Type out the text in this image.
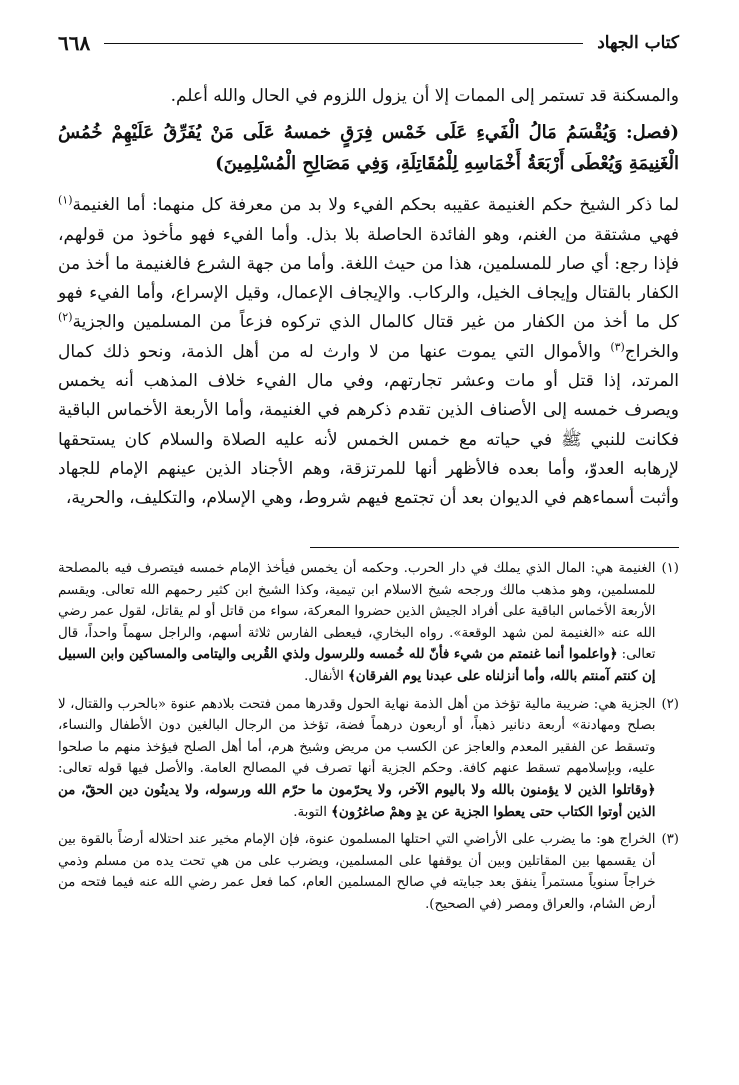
كتاب الجهاد
٦٦٨

والمسكنة قد تستمر إلى الممات إلا أن يزول اللزوم في الحال والله أعلم.

(فصل: وَيُقْسَمُ مَالُ الْفَيءِ عَلَى خَمْس فِرَقٍ خمسهُ عَلَى مَنْ يُفَرِّقُ عَلَيْهِمْ خُمُسُ الْغَنِيمَةِ وَيُعْطَى أَرْبَعَةُ أَخْمَاسِهِ لِلْمُقَاتِلَةِ، وَفِي مَصَالِحِ الْمُسْلِمِينَ)

لما ذكر الشيخ حكم الغنيمة عقيبه بحكم الفيء ولا بد من معرفة كل منهما: أما الغنيمة$^{(١)}$ فهي مشتقة من الغنم، وهو الفائدة الحاصلة بلا بذل. وأما الفيء فهو مأخوذ من قولهم، فإذا رجع: أي صار للمسلمين، هذا من حيث اللغة. وأما من جهة الشرع فالغنيمة ما أخذ من الكفار بالقتال وإيجاف الخيل، والركاب. والإيجاف الإعمال، وقيل الإسراع، وأما الفيء فهو كل ما أخذ من الكفار من غير قتال كالمال الذي تركوه فزعاً من المسلمين والجزية$^{(٢)}$ والخراج$^{(٣)}$ والأموال التي يموت عنها من لا وارث له من أهل الذمة، ونحو ذلك كمال المرتد، إذا قتل أو مات وعشر تجارتهم، وفي مال الفيء خلاف المذهب أنه يخمس ويصرف خمسه إلى الأصناف الذين تقدم ذكرهم في الغنيمة، وأما الأربعة الأخماس الباقية فكانت للنبي ﷺ في حياته مع خمس الخمس لأنه عليه الصلاة والسلام كان يستحقها لإرهابه العدوّ، وأما بعده فالأظهر أنها للمرتزقة، وهم الأجناد الذين عينهم الإمام للجهاد وأثبت أسماءهم في الديوان بعد أن تجتمع فيهم شروط، وهي الإسلام، والتكليف، والحرية،

(١)
الغنيمة هي: المال الذي يملك في دار الحرب. وحكمه أن يخمس فيأخذ الإمام خمسه فيتصرف فيه بالمصلحة للمسلمين، وهو مذهب مالك ورجحه شيخ الاسلام ابن تيمية، وكذا الشيخ ابن كثير رحمهم الله تعالى. ويقسم الأربعة الأخماس الباقية على أفراد الجيش الذين حضروا المعركة، سواء من قاتل أو لم يقاتل، لقول عمر رضي الله عنه «الغنيمة لمن شهد الوقعة». رواه البخاري، فيعطى الفارس ثلاثة أسهم، والراجل سهماً واحداً، قال تعالى: ﴿واعلموا أنما غنمتم من شيء فأنّ لله خُمسه وللرسول ولذي القُربى واليتامى والمساكين وابن السبيل إن كنتم آمنتم بالله، وأما أنزلناه على عبدنا يوم الفرقان﴾ الأنفال.

(٢)
الجزية هي: ضريبة مالية تؤخذ من أهل الذمة نهاية الحول وقدرها ممن فتحت بلادهم عنوة «بالحرب والقتال، لا بصلح ومهادنة» أربعة دنانير ذهباً، أو أربعون درهماً فضة، تؤخذ من الرجال البالغين دون الأطفال والنساء، وتسقط عن الفقير المعدم والعاجز عن الكسب من مريض وشيخ هرم، أما أهل الصلح فيؤخذ منهم ما صلحوا عليه، وبإسلامهم تسقط عنهم كافة. وحكم الجزية أنها تصرف في المصالح العامة. والأصل فيها قوله تعالى: ﴿وقاتلوا الذين لا يؤمنون بالله ولا باليوم الآخر، ولا يحرّمون ما حرّم الله ورسوله، ولا يدينُون دين الحقّ، من الذين أوتوا الكتاب حتى يعطوا الجزية عن يدٍ وهمْ صاغرُون﴾ التوبة.

(٣)
الخراج هو: ما يضرب على الأراضي التي احتلها المسلمون عنوة، فإن الإمام مخير عند احتلاله أرضاً بالقوة بين أن يقسمها بين المقاتلين وبين أن يوقفها على المسلمين، ويضرب على من هي تحت يده من مسلم وذمي خراجاً سنوياً مستمراً ينفق بعد جبايته في صالح المسلمين العام، كما فعل عمر رضي الله عنه فيما فتحه من أرض الشام، والعراق ومصر (في الصحيح).
